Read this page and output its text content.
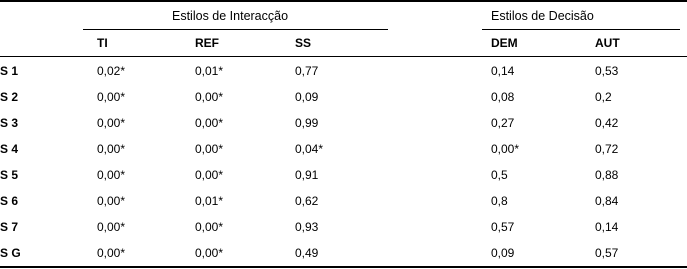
Estilos de Interacção	Estilos de Decisão
TI	REF	SS	DEM	AUT
S 1	0,02*	0,01*	0,77	0,14	0,53
S 2	0,00*	0,00*	0,09	0,08	0,2
S 3	0,00*	0,00*	0,99	0,27	0,42
S 4	0,00*	0,00*	0,04*	0,00*	0,72
S 5	0,00*	0,00*	0,91	0,5	0,88
S 6	0,00*	0,01*	0,62	0,8	0,84
S 7	0,00*	0,00*	0,93	0,57	0,14
S G	0,00*	0,00*	0,49	0,09	0,57
